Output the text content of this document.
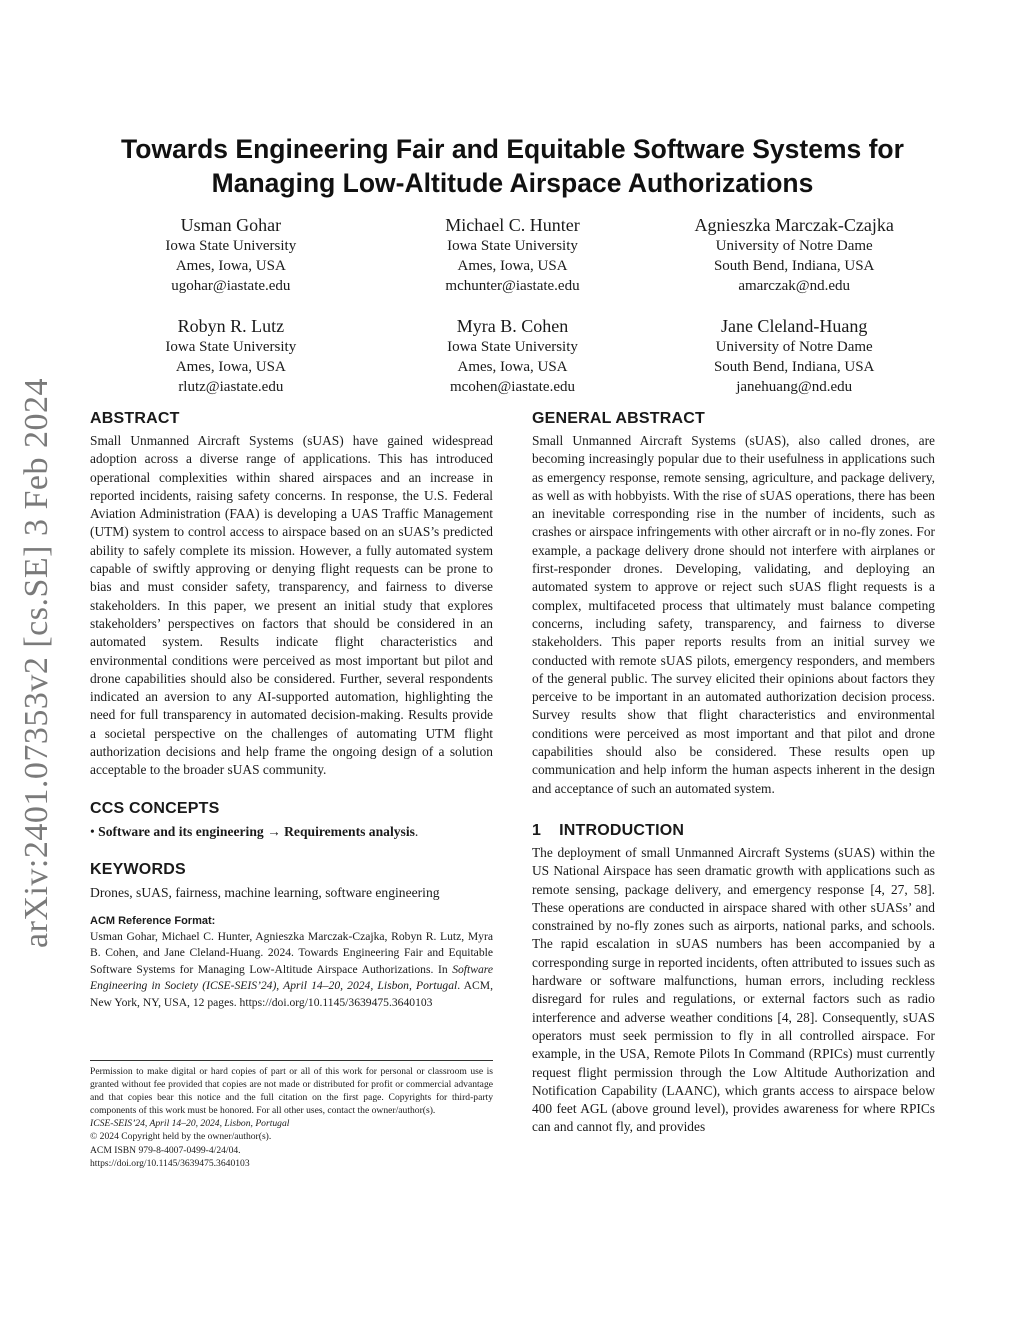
arXiv:2401.07353v2 [cs.SE] 3 Feb 2024
Towards Engineering Fair and Equitable Software Systems for
Managing Low-Altitude Airspace Authorizations
Usman Gohar
Iowa State University
Ames, Iowa, USA
ugohar@iastate.edu
Michael C. Hunter
Iowa State University
Ames, Iowa, USA
mchunter@iastate.edu
Agnieszka Marczak-Czajka
University of Notre Dame
South Bend, Indiana, USA
amarczak@nd.edu
Robyn R. Lutz
Iowa State University
Ames, Iowa, USA
rlutz@iastate.edu
Myra B. Cohen
Iowa State University
Ames, Iowa, USA
mcohen@iastate.edu
Jane Cleland-Huang
University of Notre Dame
South Bend, Indiana, USA
janehuang@nd.edu
ABSTRACT

Small Unmanned Aircraft Systems (sUAS) have gained widespread adoption across a diverse range of applications. This has introduced operational complexities within shared airspaces and an increase in reported incidents, raising safety concerns. In response, the U.S. Federal Aviation Administration (FAA) is developing a UAS Traffic Management (UTM) system to control access to airspace based on an sUAS’s predicted ability to safely complete its mission. However, a fully automated system capable of swiftly approving or denying flight requests can be prone to bias and must consider safety, transparency, and fairness to diverse stakeholders. In this paper, we present an initial study that explores stakeholders’ perspectives on factors that should be considered in an automated system. Results indicate flight characteristics and environmental conditions were perceived as most important but pilot and drone capabilities should also be considered. Further, several respondents indicated an aversion to any AI-supported automation, highlighting the need for full transparency in automated decision-making. Results provide a societal perspective on the challenges of automating UTM flight authorization decisions and help frame the ongoing design of a solution acceptable to the broader sUAS community.

CCS CONCEPTS
• Software and its engineering → Requirements analysis.
KEYWORDS
Drones, sUAS, fairness, machine learning, software engineering
ACM Reference Format:

Usman Gohar, Michael C. Hunter, Agnieszka Marczak-Czajka, Robyn R. Lutz, Myra B. Cohen, and Jane Cleland-Huang. 2024. Towards Engineering Fair and Equitable Software Systems for Managing Low-Altitude Airspace Authorizations. In Software Engineering in Society (ICSE-SEIS’24), April 14–20, 2024, Lisbon, Portugal. ACM, New York, NY, USA, 12 pages. https://doi.org/10.1145/3639475.3640103

Permission to make digital or hard copies of part or all of this work for personal or classroom use is granted without fee provided that copies are not made or distributed for profit or commercial advantage and that copies bear this notice and the full citation on the first page. Copyrights for third-party components of this work must be honored. For all other uses, contact the owner/author(s).

ICSE-SEIS’24, April 14–20, 2024, Lisbon, Portugal
© 2024 Copyright held by the owner/author(s).
ACM ISBN 979-8-4007-0499-4/24/04.
https://doi.org/10.1145/3639475.3640103
GENERAL ABSTRACT

Small Unmanned Aircraft Systems (sUAS), also called drones, are becoming increasingly popular due to their usefulness in applications such as emergency response, remote sensing, agriculture, and package delivery, as well as with hobbyists. With the rise of sUAS operations, there has been an inevitable corresponding rise in the number of incidents, such as crashes or airspace infringements with other aircraft or in no-fly zones. For example, a package delivery drone should not interfere with airplanes or first-responder drones. Developing, validating, and deploying an automated system to approve or reject such sUAS flight requests is a complex, multifaceted process that ultimately must balance competing concerns, including safety, transparency, and fairness to diverse stakeholders. This paper reports results from an initial survey we conducted with remote sUAS pilots, emergency responders, and members of the general public. The survey elicited their opinions about factors they perceive to be important in an automated authorization decision process. Survey results show that flight characteristics and environmental conditions were perceived as most important and that pilot and drone capabilities should also be considered. These results open up communication and help inform the human aspects inherent in the design and acceptance of such an automated system.

1 INTRODUCTION

The deployment of small Unmanned Aircraft Systems (sUAS) within the US National Airspace has seen dramatic growth with applications such as remote sensing, package delivery, and emergency response [4, 27, 58]. These operations are conducted in airspace shared with other sUASs’ and constrained by no-fly zones such as airports, national parks, and schools. The rapid escalation in sUAS numbers has been accompanied by a corresponding surge in reported incidents, often attributed to issues such as hardware or software malfunctions, human errors, including reckless disregard for rules and regulations, or external factors such as radio interference and adverse weather conditions [4, 28]. Consequently, sUAS operators must seek permission to fly in all controlled airspace. For example, in the USA, Remote Pilots In Command (RPICs) must currently request flight permission through the Low Altitude Authorization and Notification Capability (LAANC), which grants access to airspace below 400 feet AGL (above ground level), provides awareness for where RPICs can and cannot fly, and provides
